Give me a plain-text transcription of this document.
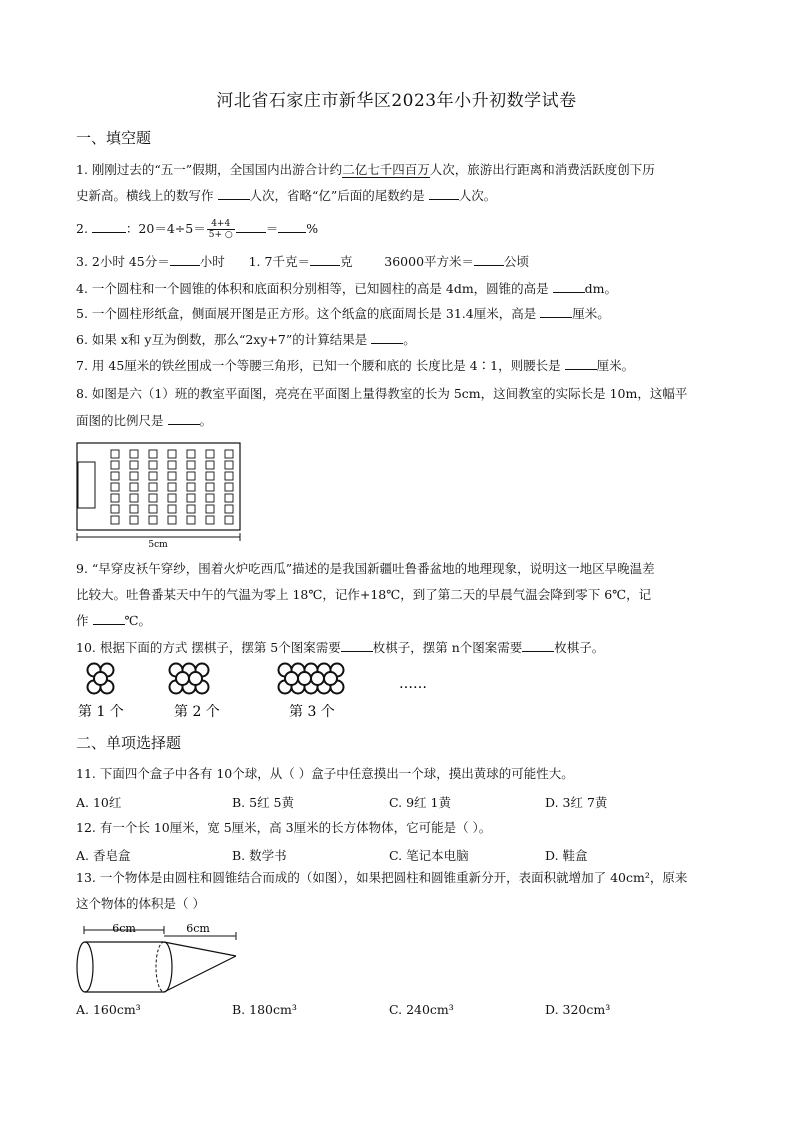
河北省石家庄市新华区2023年小升初数学试卷
一、填空题
1. 刚刚过去的“五一”假期，全国国内出游合计约二亿七千四百万人次，旅游出行距离和消费活跃度创下历
史新高。横线上的数写作	人次，省略“亿”后面的尾数约是	人次。
2.	：$20=4\div 5= \frac{4+4}{5+ ○}$ ＝ %
3. 2小时 45分＝ 小时 1. 7千克＝ 克	36000平方米＝ 公顷
4. 一个圆柱和一个圆锥的体积和底面积分别相等，已知圆柱的高是 4dm，圆锥的高是	dm。
5. 一个圆柱形纸盒，侧面展开图是正方形。这个纸盒的底面周长是 31.4厘米，高是	厘米。
6. 如果 x和 y互为倒数，那么“2xy+7”的计算结果是	。
7. 用 45厘米的铁丝围成一个等腰三角形，已知一个腰和底的 长度比是 4∶1，则腰长是	厘米。
8. 如图是六（1）班的教室平面图，亮亮在平面图上量得教室的长为 5cm，这间教室的实际长是 10m，这幅平
面图的比例尺是	。
5cm
9. “早穿皮袄午穿纱，围着火炉吃西瓜”描述的是我国新疆吐鲁番盆地的地理现象，说明这一地区早晚温差
比较大。吐鲁番某天中午的气温为零上 18℃，记作+18℃，到了第二天的早晨气温会降到零下 6℃，记
作	℃。
10. 根据下面的方式 摆棋子，摆第 5个图案需要	枚棋子，摆第 n个图案需要	枚棋子。
第 1 个	第 2 个	第 3 个
……
二、单项选择题
11. 下面四个盒子中各有 10个球，从（ ）盒子中任意摸出一个球，摸出黄球的可能性大。
A. 10红	B. 5红 5黄	C. 9红 1黄	D. 3红 7黄
12. 有一个长 10厘米，宽 5厘米，高 3厘米的长方体物体，它可能是（ ）。
A. 香皂盒	B. 数学书	C. 笔记本电脑	D. 鞋盒
13. 一个物体是由圆柱和圆锥结合而成的（如图），如果把圆柱和圆锥重新分开，表面积就增加了 40cm²，原来
这个物体的体积是（ ）
6cm	6cm
A. 160cm³	B. 180cm³	C. 240cm³	D. 320cm³
